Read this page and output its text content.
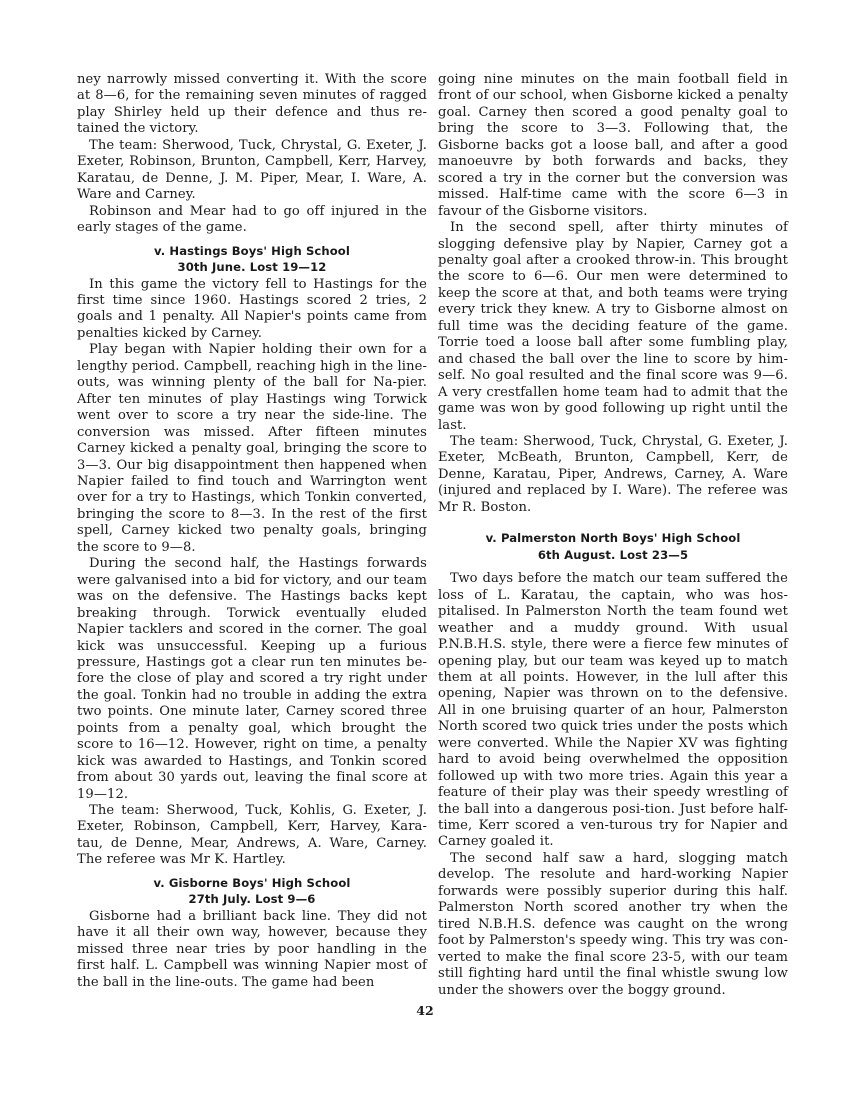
ney narrowly missed converting it. With the score at 8—6, for the remaining seven minutes of ragged play Shirley held up their defence and thus re-tained the victory.

The team: Sherwood, Tuck, Chrystal, G. Exeter, J. Exeter, Robinson, Brunton, Campbell, Kerr, Harvey, Karatau, de Denne, J. M. Piper, Mear, I. Ware, A. Ware and Carney.

Robinson and Mear had to go off injured in the early stages of the game.

v. Hastings Boys' High School
30th June. Lost 19—12

In this game the victory fell to Hastings for the first time since 1960. Hastings scored 2 tries, 2 goals and 1 penalty. All Napier's points came from penalties kicked by Carney.

Play began with Napier holding their own for a lengthy period. Campbell, reaching high in the line-outs, was winning plenty of the ball for Na-pier. After ten minutes of play Hastings wing Torwick went over to score a try near the side-line. The conversion was missed. After fifteen minutes Carney kicked a penalty goal, bringing the score to 3—3. Our big disappointment then happened when Napier failed to find touch and Warrington went over for a try to Hastings, which Tonkin converted, bringing the score to 8—3. In the rest of the first spell, Carney kicked two penalty goals, bringing the score to 9—8.

During the second half, the Hastings forwards were galvanised into a bid for victory, and our team was on the defensive. The Hastings backs kept breaking through. Torwick eventually eluded Napier tacklers and scored in the corner. The goal kick was unsuccessful. Keeping up a furious pressure, Hastings got a clear run ten minutes be-fore the close of play and scored a try right under the goal. Tonkin had no trouble in adding the extra two points. One minute later, Carney scored three points from a penalty goal, which brought the score to 16—12. However, right on time, a penalty kick was awarded to Hastings, and Tonkin scored from about 30 yards out, leaving the final score at 19—12.

The team: Sherwood, Tuck, Kohlis, G. Exeter, J. Exeter, Robinson, Campbell, Kerr, Harvey, Kara-tau, de Denne, Mear, Andrews, A. Ware, Carney. The referee was Mr K. Hartley.

v. Gisborne Boys' High School
27th July. Lost 9—6

Gisborne had a brilliant back line. They did not have it all their own way, however, because they missed three near tries by poor handling in the first half. L. Campbell was winning Napier most of the ball in the line-outs. The game had been

going nine minutes on the main football field in front of our school, when Gisborne kicked a penalty goal. Carney then scored a good penalty goal to bring the score to 3—3. Following that, the Gisborne backs got a loose ball, and after a good manoeuvre by both forwards and backs, they scored a try in the corner but the conversion was missed. Half-time came with the score 6—3 in favour of the Gisborne visitors.

In the second spell, after thirty minutes of slogging defensive play by Napier, Carney got a penalty goal after a crooked throw-in. This brought the score to 6—6. Our men were determined to keep the score at that, and both teams were trying every trick they knew. A try to Gisborne almost on full time was the deciding feature of the game. Torrie toed a loose ball after some fumbling play, and chased the ball over the line to score by him-self. No goal resulted and the final score was 9—6. A very crestfallen home team had to admit that the game was won by good following up right until the last.

The team: Sherwood, Tuck, Chrystal, G. Exeter, J. Exeter, McBeath, Brunton, Campbell, Kerr, de Denne, Karatau, Piper, Andrews, Carney, A. Ware (injured and replaced by I. Ware). The referee was Mr R. Boston.

v. Palmerston North Boys' High School
6th August. Lost 23—5

Two days before the match our team suffered the loss of L. Karatau, the captain, who was hos-pitalised. In Palmerston North the team found wet weather and a muddy ground. With usual P.N.B.H.S. style, there were a fierce few minutes of opening play, but our team was keyed up to match them at all points. However, in the lull after this opening, Napier was thrown on to the defensive. All in one bruising quarter of an hour, Palmerston North scored two quick tries under the posts which were converted. While the Napier XV was fighting hard to avoid being overwhelmed the opposition followed up with two more tries. Again this year a feature of their play was their speedy wrestling of the ball into a dangerous posi-tion. Just before half-time, Kerr scored a ven-turous try for Napier and Carney goaled it.

The second half saw a hard, slogging match develop. The resolute and hard-working Napier forwards were possibly superior during this half. Palmerston North scored another try when the tired N.B.H.S. defence was caught on the wrong foot by Palmerston's speedy wing. This try was con-verted to make the final score 23-5, with our team still fighting hard until the final whistle swung low under the showers over the boggy ground.

42
